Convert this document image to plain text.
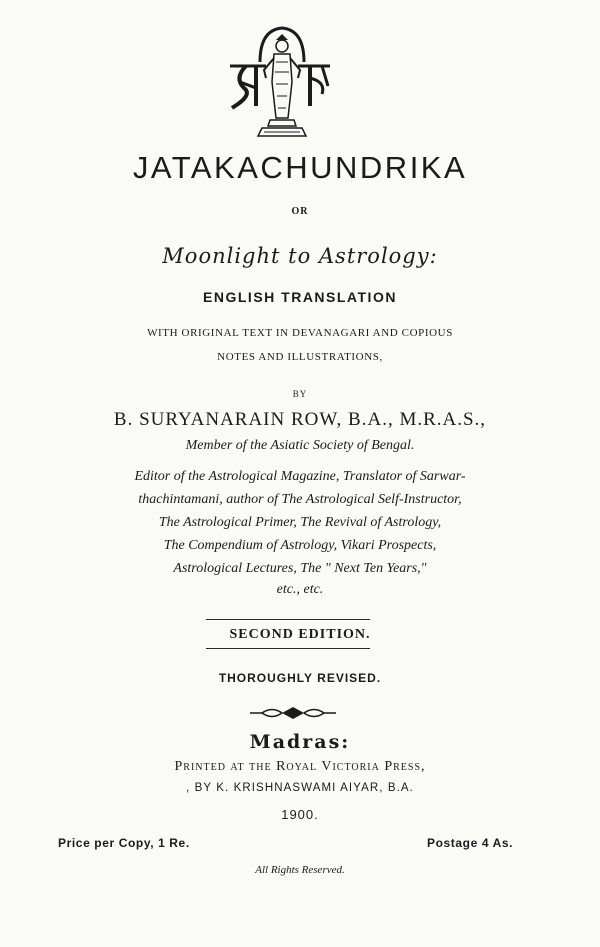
JATAKACHUNDRIKA
OR
Moonlight to Astrology:
ENGLISH TRANSLATION
WITH ORIGINAL TEXT IN DEVANAGARI AND COPIOUS
NOTES AND ILLUSTRATIONS,
BY
B. SURYANARAIN ROW, B.A., M.R.A.S.,
Member of the Asiatic Society of Bengal.
Editor of the Astrological Magazine, Translator of Sarwar-
thachintamani, author of The Astrological Self-Instructor,
The Astrological Primer, The Revival of Astrology,
The Compendium of Astrology, Vikari Prospects,
Astrological Lectures, The " Next Ten Years,"
etc., etc.
SECOND EDITION.
THOROUGHLY REVISED.
Madras:
Printed at the Royal Victoria Press,
, BY K. KRISHNASWAMI AIYAR, B.A.
1900.
Price per Copy, 1 Re.	Postage 4 As.
All Rights Reserved.
